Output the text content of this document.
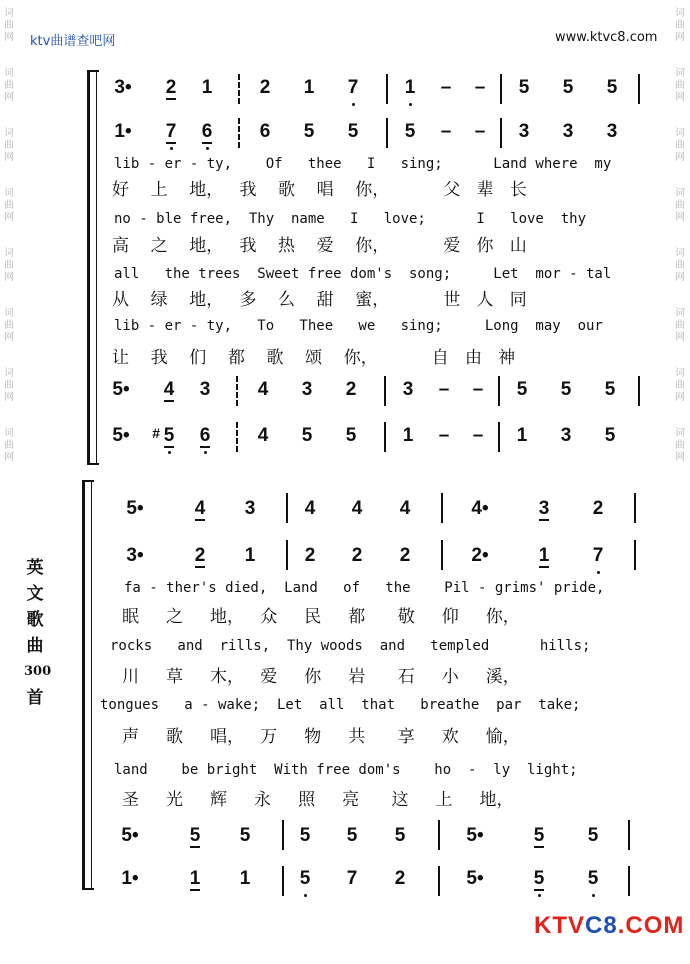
词
曲
网
词
曲
网
词
曲
网
词
曲
网
词
曲
网
词
曲
网
词
曲
网
词
曲
网
词
曲
网
词
曲
网
词
曲
网
词
曲
网
词
曲
网
词
曲
网
词
曲
网
词
曲
网
ktv曲谱查吧网	www.ktvc8.com
3• 2 1 2 1 7 1 – – 5 5 5
1• 7 6 6 5 5 5 – – 3 3 3
5• 4 3 4 3 2 3 – – 5 5 5
5• # 5 6 4 5 5 1 – – 1 3 5
5•	4 3	4 4 4	4•	3 2
3•	2 1	2 2 2	2•	1 7
5•	5 5	5 5 5	5•	5 5
1•	1 1	5 7 2	5•	5 5
lib - er - ty,    Of   thee   I   sing;      Land where  my
好    上    地，   我    歌    唱    你，          父   辈   长
no - ble free,  Thy  name   I   love;      I   love  thy
高    之    地，   我    热    爱    你，          爱   你   山
all   the trees  Sweet free dom's  song;     Let  mor - tal
从    绿    地，   多    么    甜    蜜，          世   人   同
lib - er - ty,   To   Thee   we   sing;     Long  may  our
让    我    们    都    歌    颂    你，          自   由   神
fa - ther's died,  Land   of   the    Pil - grims' pride,
眠     之     地，   众     民     都      敬     仰     你，
rocks   and  rills,  Thy woods  and   templed      hills;
川     草     木，   爱     你     岩      石     小     溪，
tongues   a - wake;  Let  all  that   breathe  par  take;
声     歌     唱，   万     物     共      享     欢     愉，
land    be bright  With free dom's    ho  -  ly  light;
圣     光     辉     永     照     亮      这     上     地，
英
文
歌
曲
300
首
KTVC8.COM
